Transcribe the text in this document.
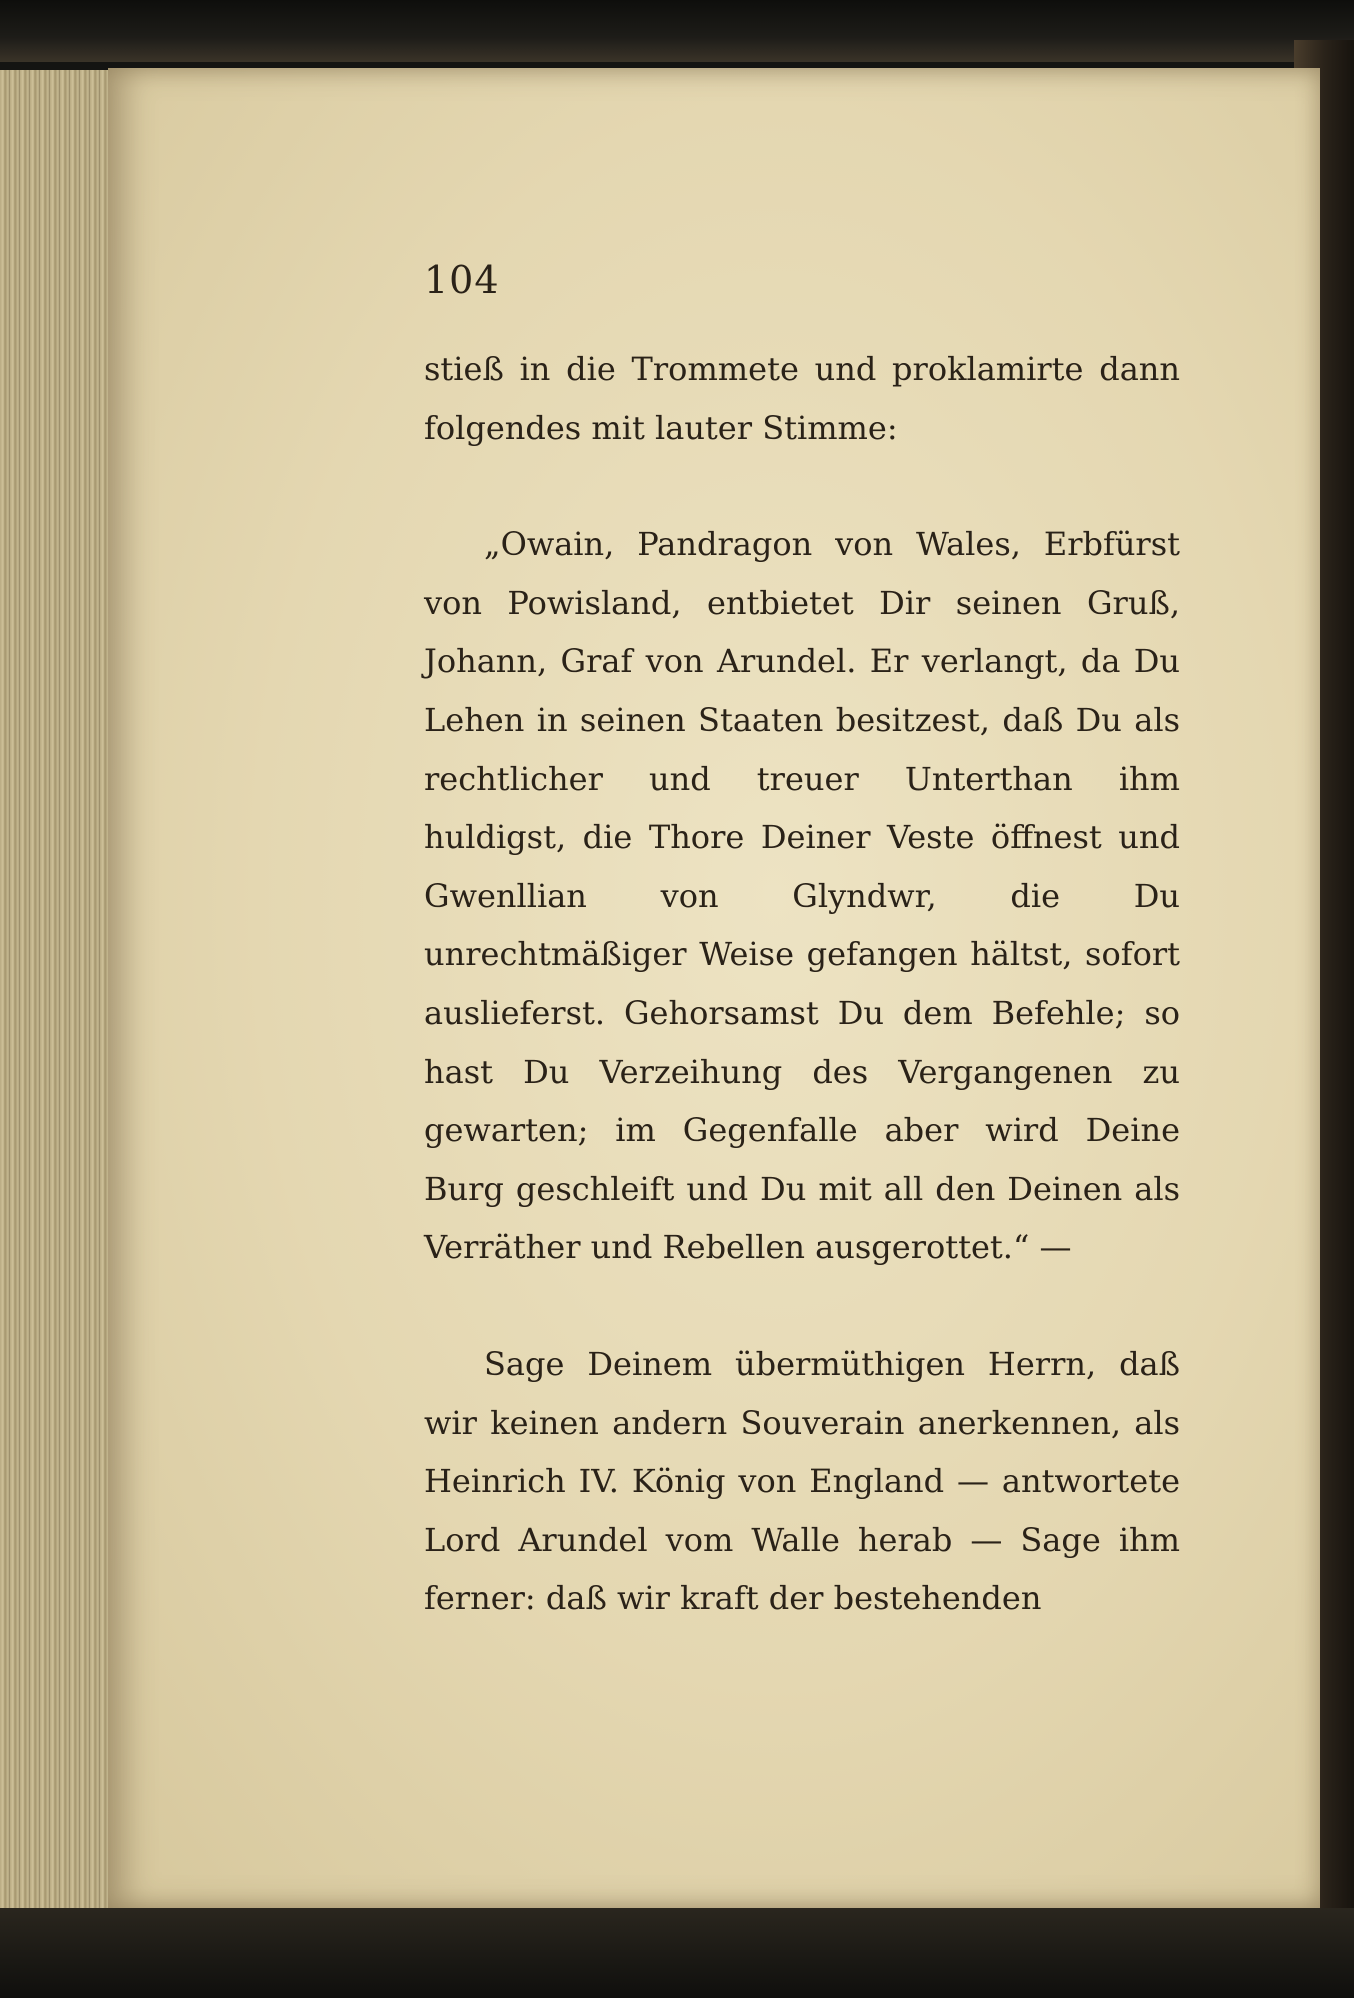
104

stieß in die Trommete und proklamirte dann folgendes mit lauter Stimme:

„Owain, Pandragon von Wales, Erbfürst von Powisland, entbietet Dir seinen Gruß, Johann, Graf von Arundel. Er verlangt, da Du Lehen in seinen Staaten besitzest, daß Du als rechtlicher und treuer Unterthan ihm huldigst, die Thore Deiner Veste öffnest und Gwenllian von Glyndwr, die Du unrechtmäßiger Weise gefangen hältst, sofort auslieferst. Gehorsamst Du dem Befehle; so hast Du Verzeihung des Vergangenen zu gewarten; im Gegenfalle aber wird Deine Burg geschleift und Du mit all den Deinen als Verräther und Rebellen ausgerottet.“ —

Sage Deinem übermüthigen Herrn, daß wir keinen andern Souverain anerkennen, als Heinrich IV. König von England — antwortete Lord Arundel vom Walle herab — Sage ihm ferner: daß wir kraft der bestehenden
